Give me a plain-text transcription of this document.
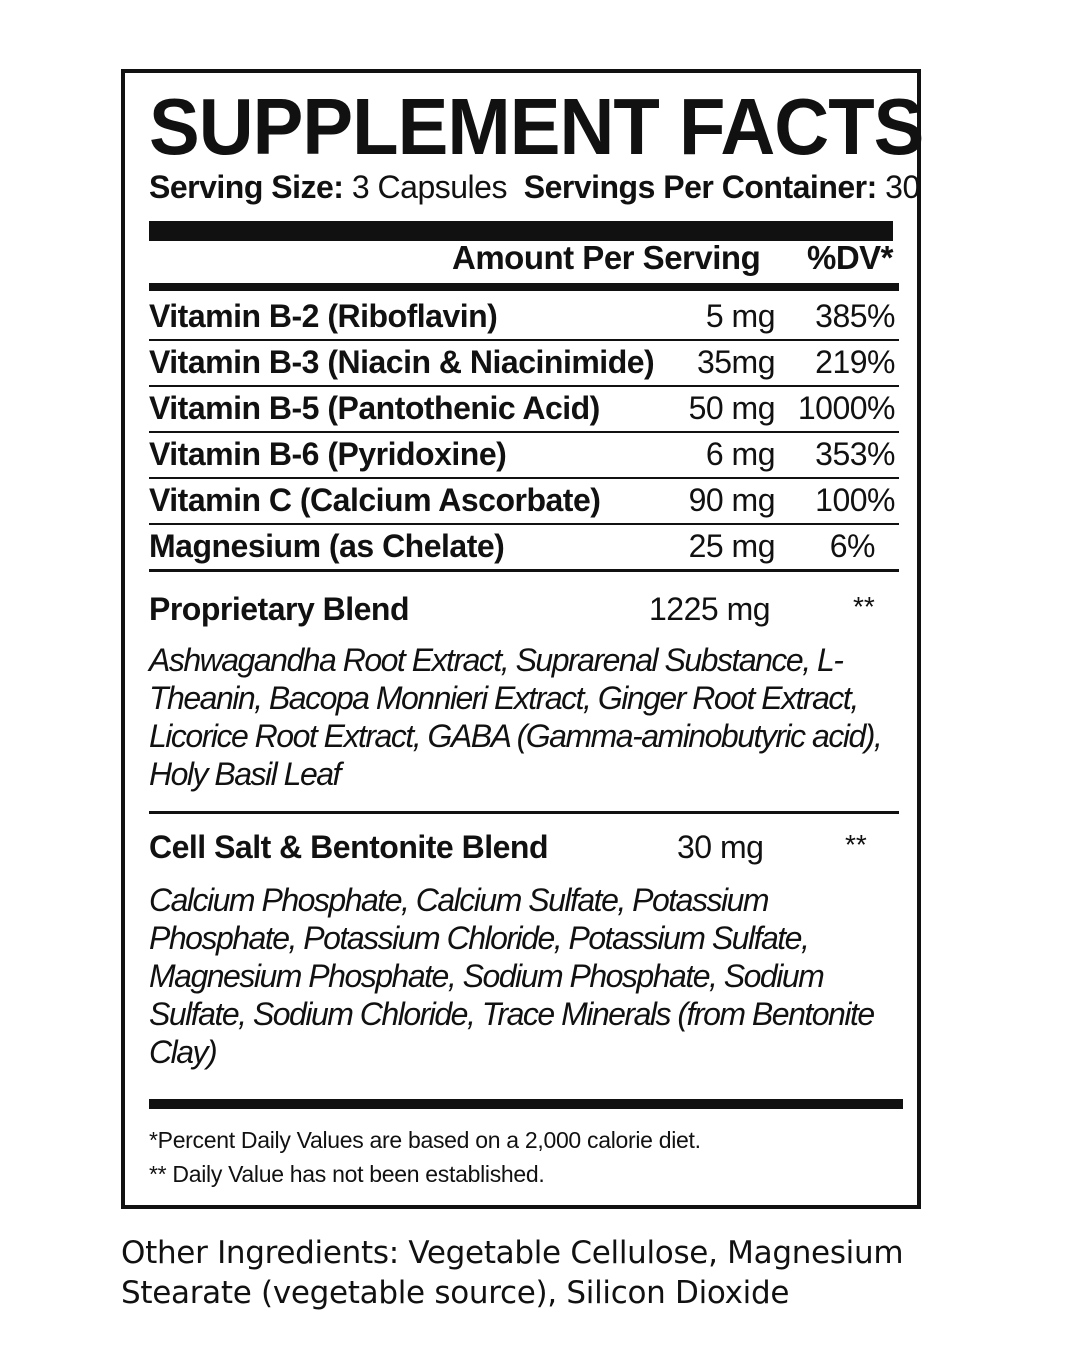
SUPPLEMENT FACTS
Serving Size: 3 Capsules Servings Per Container: 30
Amount Per Serving %DV*
Vitamin B-2 (Riboflavin)	5 mg 385%
Vitamin B-3 (Niacin & Niacinimide) 35mg 219%
Vitamin B-5 (Pantothenic Acid)	50 mg 1000%
Vitamin B-6 (Pyridoxine)	6 mg 353%
Vitamin C (Calcium Ascorbate)	90 mg 100%
Magnesium (as Chelate)	25 mg 6%
Proprietary Blend	1225 mg	**
Ashwagandha Root Extract, Suprarenal Substance, L-Theanin, Bacopa Monnieri Extract, Ginger Root Extract, Licorice Root Extract, GABA (Gamma-aminobutyric acid), Holy Basil Leaf
Cell Salt & Bentonite Blend	30 mg	**
Calcium Phosphate, Calcium Sulfate, Potassium Phosphate, Potassium Chloride, Potassium Sulfate, Magnesium Phosphate, Sodium Phosphate, Sodium Sulfate, Sodium Chloride, Trace Minerals (from Bentonite Clay)
*Percent Daily Values are based on a 2,000 calorie diet.
** Daily Value has not been established.
Other Ingredients: Vegetable Cellulose, Magnesium Stearate (vegetable source), Silicon Dioxide
